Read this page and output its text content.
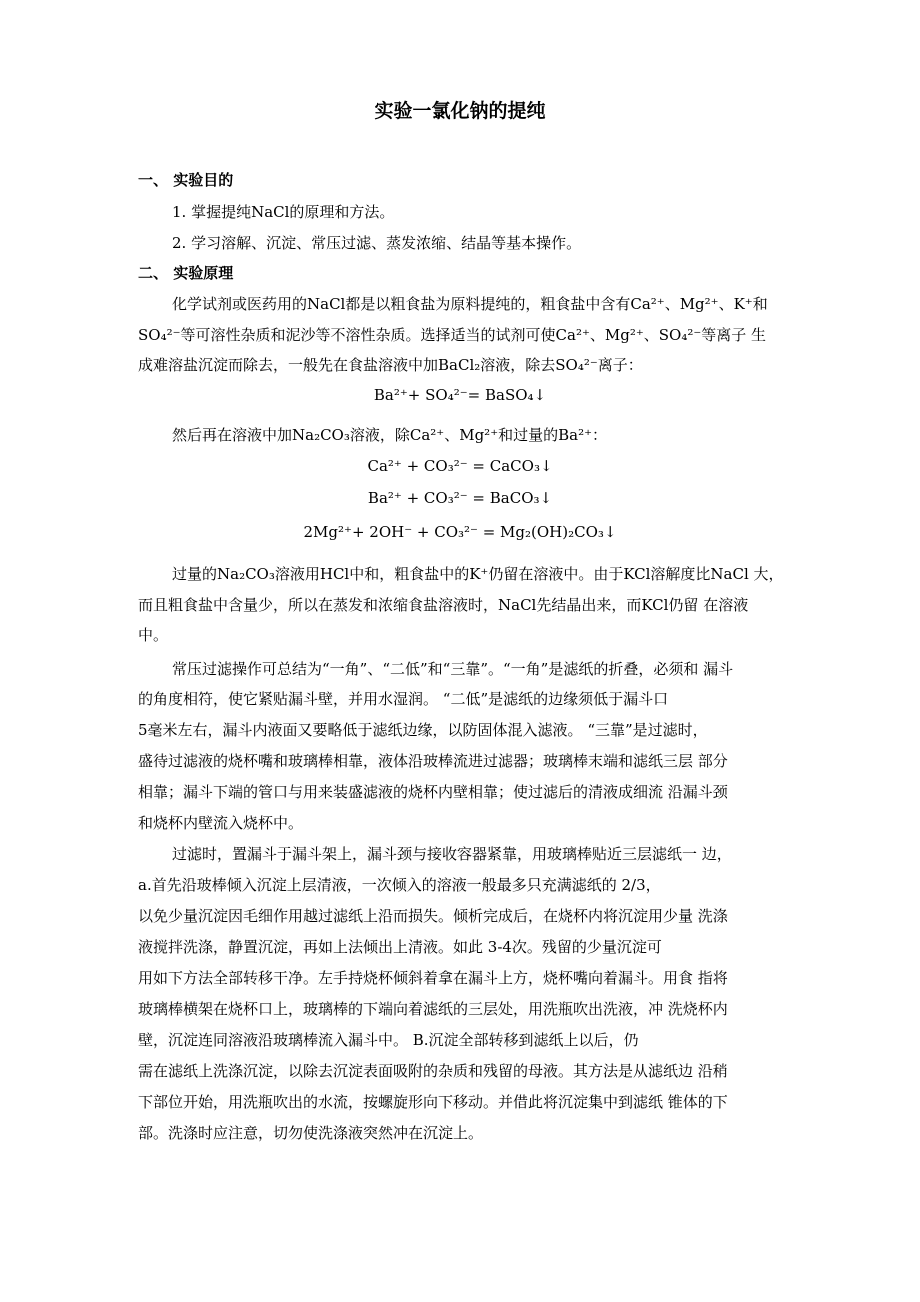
实验一氯化钠的提纯
一、 实验目的
1. 掌握提纯NaCl的原理和方法。
2. 学习溶解、沉淀、常压过滤、蒸发浓缩、结晶等基本操作。
二、 实验原理
化学试剂或医药用的NaCl都是以粗食盐为原料提纯的，粗食盐中含有Ca²⁺、Mg²⁺、K⁺和
SO₄²⁻等可溶性杂质和泥沙等不溶性杂质。选择适当的试剂可使Ca²⁺、Mg²⁺、SO₄²⁻等离子 生
成难溶盐沉淀而除去，一般先在食盐溶液中加BaCl₂溶液，除去SO₄²⁻离子：
Ba²⁺+ SO₄²⁻= BaSO₄↓
然后再在溶液中加Na₂CO₃溶液，除Ca²⁺、Mg²⁺和过量的Ba²⁺：
Ca²⁺ + CO₃²⁻ = CaCO₃↓
Ba²⁺ + CO₃²⁻ = BaCO₃↓
2Mg²⁺+ 2OH⁻ + CO₃²⁻ = Mg₂(OH)₂CO₃↓
过量的Na₂CO₃溶液用HCl中和，粗食盐中的K⁺仍留在溶液中。由于KCl溶解度比NaCl 大，
而且粗食盐中含量少，所以在蒸发和浓缩食盐溶液时，NaCl先结晶出来，而KCl仍留 在溶液
中。
常压过滤操作可总结为“一角”、“二低”和“三靠”。“一角”是滤纸的折叠，必须和 漏斗
的角度相符，使它紧贴漏斗壁，并用水湿润。 “二低”是滤纸的边缘须低于漏斗口
5毫米左右，漏斗内液面又要略低于滤纸边缘，以防固体混入滤液。 “三靠”是过滤时，
盛待过滤液的烧杯嘴和玻璃棒相靠，液体沿玻棒流进过滤器；玻璃棒末端和滤纸三层 部分
相靠；漏斗下端的管口与用来装盛滤液的烧杯内壁相靠；使过滤后的清液成细流 沿漏斗颈
和烧杯内壁流入烧杯中。
过滤时，置漏斗于漏斗架上，漏斗颈与接收容器紧靠，用玻璃棒贴近三层滤纸一 边，
a.首先沿玻棒倾入沉淀上层清液，一次倾入的溶液一般最多只充满滤纸的 2/3，
以免少量沉淀因毛细作用越过滤纸上沿而损失。倾析完成后，在烧杯内将沉淀用少量 洗涤
液搅拌洗涤，静置沉淀，再如上法倾出上清液。如此 3-4次。残留的少量沉淀可
用如下方法全部转移干净。左手持烧杯倾斜着拿在漏斗上方，烧杯嘴向着漏斗。用食 指将
玻璃棒横架在烧杯口上，玻璃棒的下端向着滤纸的三层处，用洗瓶吹出洗液，冲 洗烧杯内
壁，沉淀连同溶液沿玻璃棒流入漏斗中。 B.沉淀全部转移到滤纸上以后，仍
需在滤纸上洗涤沉淀，以除去沉淀表面吸附的杂质和残留的母液。其方法是从滤纸边 沿稍
下部位开始，用洗瓶吹出的水流，按螺旋形向下移动。并借此将沉淀集中到滤纸 锥体的下
部。洗涤时应注意，切勿使洗涤液突然冲在沉淀上。
